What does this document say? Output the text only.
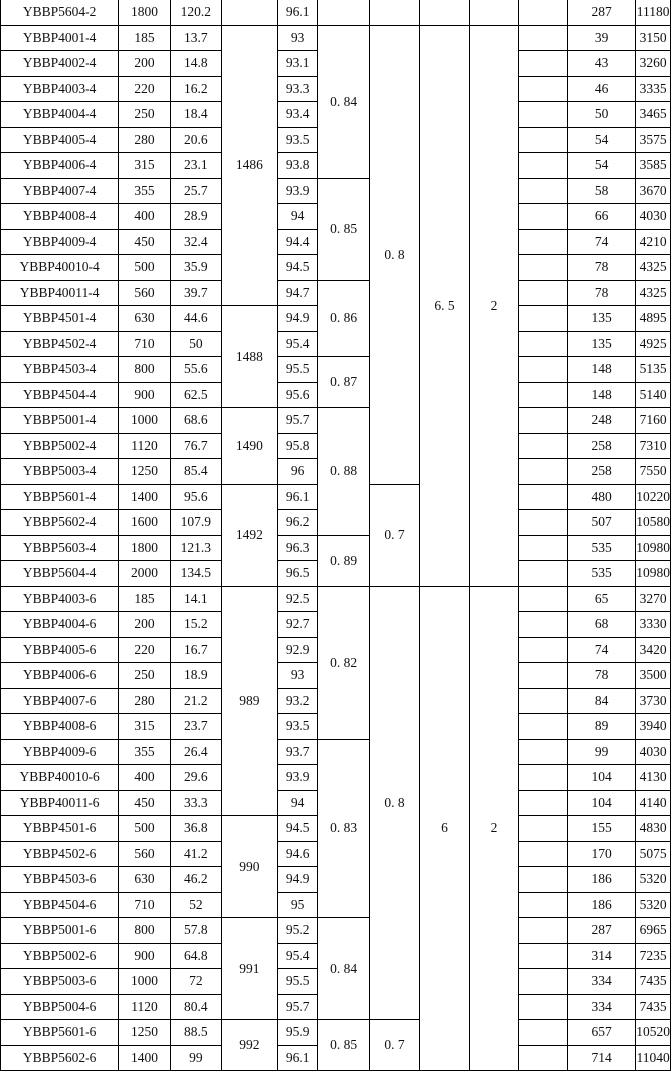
YBBP5604-2	1800	120.2		96.1						287	11180
YBBP4001-4	185	13.7	1486	93	0. 84	0. 8	6. 5	2		39	3150
YBBP4002-4	200	14.8		93.1						43	3260
YBBP4003-4	220	16.2		93.3						46	3335
YBBP4004-4	250	18.4		93.4						50	3465
YBBP4005-4	280	20.6		93.5						54	3575
YBBP4006-4	315	23.1		93.8						54	3585
YBBP4007-4	355	25.7		93.9	0. 85					58	3670
YBBP4008-4	400	28.9		94						66	4030
YBBP4009-4	450	32.4		94.4						74	4210
YBBP40010-4	500	35.9		94.5						78	4325
YBBP40011-4	560	39.7		94.7	0. 86					78	4325
YBBP4501-4	630	44.6	1488	94.9						135	4895
YBBP4502-4	710	50		95.4						135	4925
YBBP4503-4	800	55.6		95.5	0. 87					148	5135
YBBP4504-4	900	62.5		95.6						148	5140
YBBP5001-4	1000	68.6	1490	95.7	0. 88					248	7160
YBBP5002-4	1120	76.7		95.8						258	7310
YBBP5003-4	1250	85.4		96						258	7550
YBBP5601-4	1400	95.6	1492	96.1		0. 7				480	10220
YBBP5602-4	1600	107.9		96.2						507	10580
YBBP5603-4	1800	121.3		96.3	0. 89					535	10980
YBBP5604-4	2000	134.5		96.5						535	10980
YBBP4003-6	185	14.1	989	92.5	0. 82	0. 8	6	2		65	3270
YBBP4004-6	200	15.2		92.7						68	3330
YBBP4005-6	220	16.7		92.9						74	3420
YBBP4006-6	250	18.9		93						78	3500
YBBP4007-6	280	21.2		93.2						84	3730
YBBP4008-6	315	23.7		93.5						89	3940
YBBP4009-6	355	26.4		93.7	0. 83					99	4030
YBBP40010-6	400	29.6		93.9						104	4130
YBBP40011-6	450	33.3		94						104	4140
YBBP4501-6	500	36.8	990	94.5						155	4830
YBBP4502-6	560	41.2		94.6						170	5075
YBBP4503-6	630	46.2		94.9						186	5320
YBBP4504-6	710	52		95						186	5320
YBBP5001-6	800	57.8	991	95.2	0. 84					287	6965
YBBP5002-6	900	64.8		95.4						314	7235
YBBP5003-6	1000	72		95.5						334	7435
YBBP5004-6	1120	80.4		95.7						334	7435
YBBP5601-6	1250	88.5	992	95.9	0. 85	0. 7				657	10520
YBBP5602-6	1400	99		96.1						714	11040
